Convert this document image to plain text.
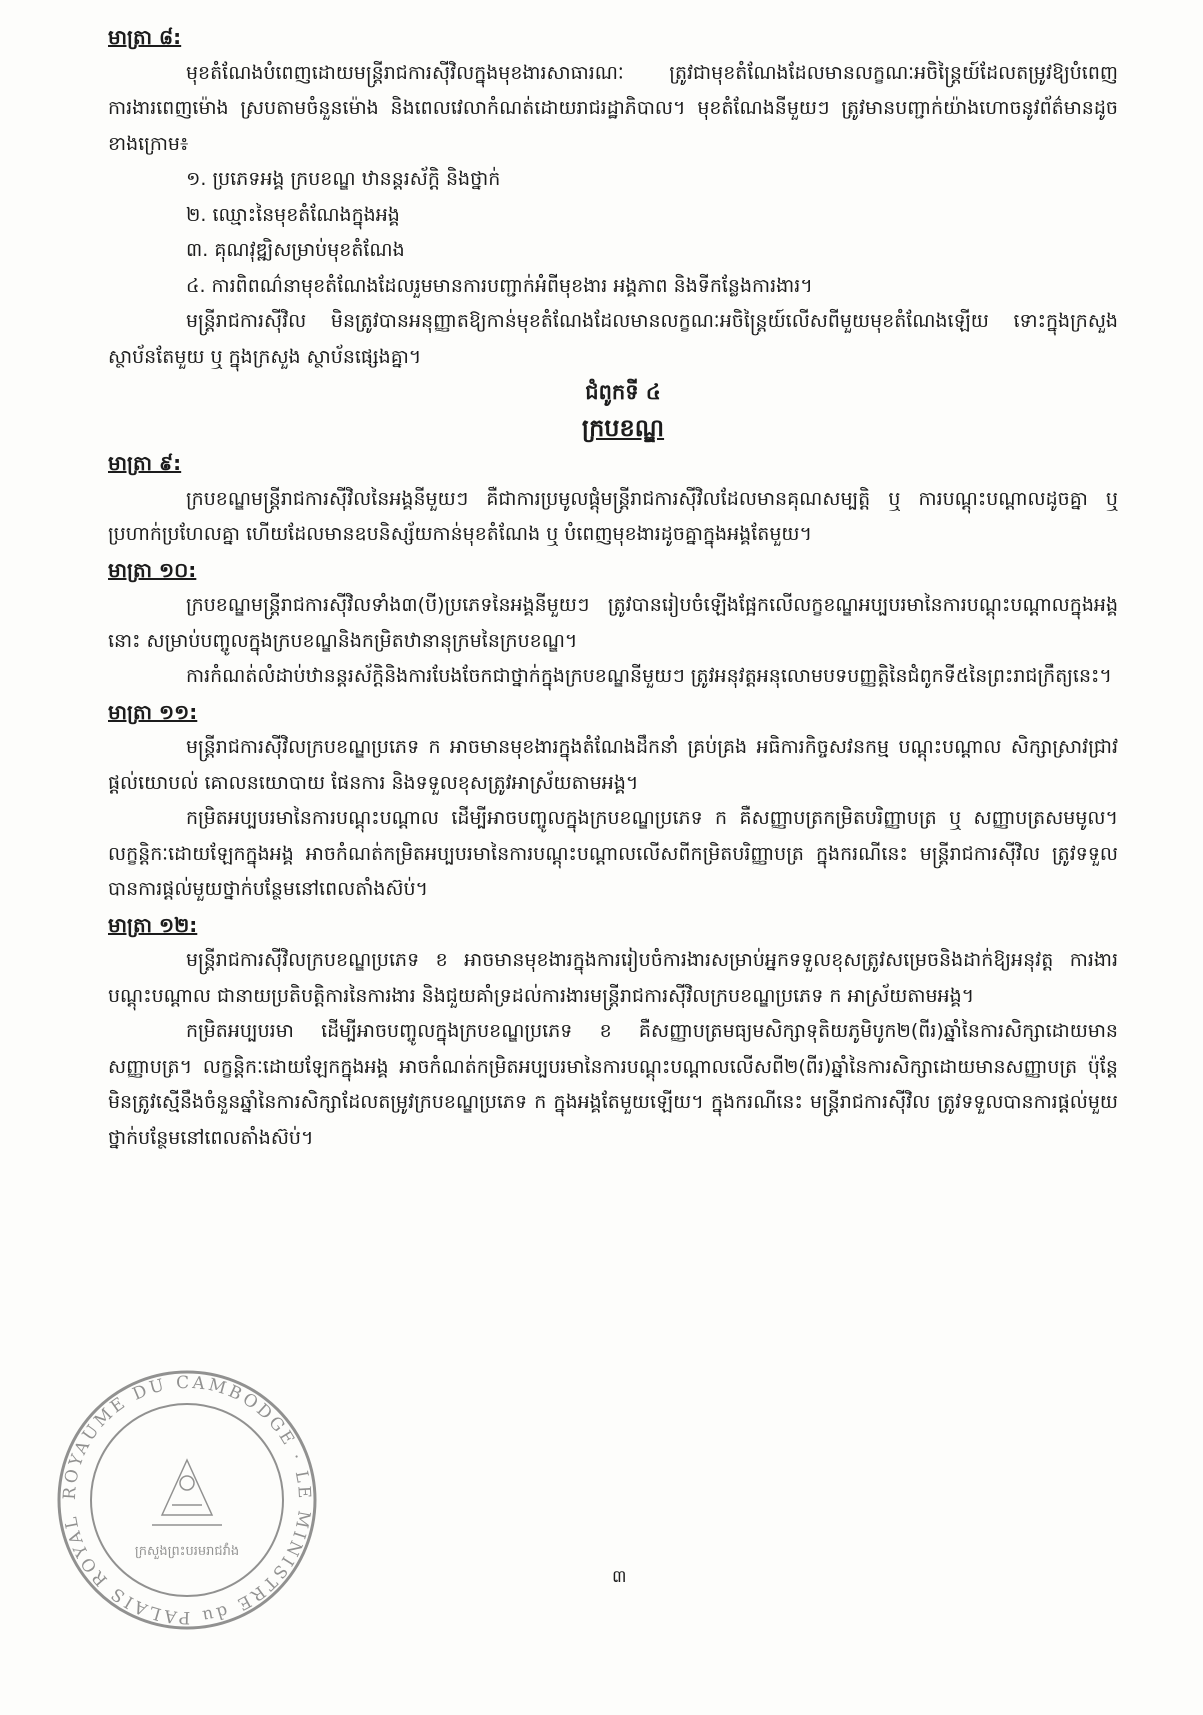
មាត្រា ៨:

មុខតំណែងបំពេញដោយមន្ត្រីរាជការស៊ីវិលក្នុងមុខងារសាធារណៈ ត្រូវជាមុខតំណែងដែលមានលក្ខណៈអចិន្ត្រៃយ៍ដែលតម្រូវឱ្យបំពេញការងារពេញម៉ោង ស្របតាមចំនួនម៉ោង និងពេលវេលាកំណត់ដោយរាជរដ្ឋាភិបាល។ មុខតំណែងនីមួយៗ ត្រូវមានបញ្ជាក់យ៉ាងហោចនូវព័ត៌មានដូចខាងក្រោម៖

១. ប្រភេទអង្គ ក្របខណ្ឌ ឋានន្តរស័ក្តិ និងថ្នាក់

២. ឈ្មោះនៃមុខតំណែងក្នុងអង្គ

៣. គុណវុឌ្ឍិសម្រាប់មុខតំណែង

៤. ការពិពណ៌នាមុខតំណែងដែលរួមមានការបញ្ជាក់អំពីមុខងារ អង្គភាព និងទីកន្លែងការងារ។

មន្ត្រីរាជការស៊ីវិល មិនត្រូវបានអនុញ្ញាតឱ្យកាន់មុខតំណែងដែលមានលក្ខណៈអចិន្ត្រៃយ៍លើសពីមួយមុខតំណែងឡើយ ទោះក្នុងក្រសួង ស្ថាប័នតែមួយ ឬ ក្នុងក្រសួង ស្ថាប័នផ្សេងគ្នា។

ជំពូកទី ៤

ក្របខណ្ឌ

មាត្រា ៩:

ក្របខណ្ឌមន្ត្រីរាជការស៊ីវិលនៃអង្គនីមួយៗ គឺជាការប្រមូលផ្តុំមន្ត្រីរាជការស៊ីវិលដែលមានគុណសម្បត្តិ ឬ ការបណ្តុះបណ្តាលដូចគ្នា ឬ ប្រហាក់ប្រហែលគ្នា ហើយដែលមានឧបនិស្ស័យកាន់មុខតំណែង ឬ បំពេញមុខងារដូចគ្នាក្នុងអង្គតែមួយ។

មាត្រា ១០:

ក្របខណ្ឌមន្ត្រីរាជការស៊ីវិលទាំង៣(បី)ប្រភេទនៃអង្គនីមួយៗ ត្រូវបានរៀបចំឡើងផ្អែកលើលក្ខខណ្ឌអប្បបរមានៃការបណ្តុះបណ្តាលក្នុងអង្គនោះ សម្រាប់បញ្ចូលក្នុងក្របខណ្ឌនិងកម្រិតឋានានុក្រមនៃក្របខណ្ឌ។

ការកំណត់លំដាប់ឋានន្តរស័ក្តិនិងការបែងចែកជាថ្នាក់ក្នុងក្របខណ្ឌនីមួយៗ ត្រូវអនុវត្តអនុលោមបទបញ្ញត្តិនៃជំពូកទី៥នៃព្រះរាជក្រឹត្យនេះ។

មាត្រា ១១:

មន្ត្រីរាជការស៊ីវិលក្របខណ្ឌប្រភេទ ក អាចមានមុខងារក្នុងតំណែងដឹកនាំ គ្រប់គ្រង អធិការកិច្ចសវនកម្ម បណ្តុះបណ្តាល សិក្សាស្រាវជ្រាវ ផ្តល់យោបល់ គោលនយោបាយ ផែនការ និងទទួលខុសត្រូវអាស្រ័យតាមអង្គ។

កម្រិតអប្បបរមានៃការបណ្តុះបណ្តាល ដើម្បីអាចបញ្ចូលក្នុងក្របខណ្ឌប្រភេទ ក គឺសញ្ញាបត្រកម្រិតបរិញ្ញាបត្រ ឬ សញ្ញាបត្រសមមូល។ លក្ខន្តិកៈដោយឡែកក្នុងអង្គ អាចកំណត់កម្រិតអប្បបរមានៃការបណ្តុះបណ្តាលលើសពីកម្រិតបរិញ្ញាបត្រ ក្នុងករណីនេះ មន្ត្រីរាជការស៊ីវិល ត្រូវទទួលបានការផ្តល់មួយថ្នាក់បន្ថែមនៅពេលតាំងស៊ប់។

មាត្រា ១២:

មន្ត្រីរាជការស៊ីវិលក្របខណ្ឌប្រភេទ ខ អាចមានមុខងារក្នុងការរៀបចំការងារសម្រាប់អ្នកទទួលខុសត្រូវសម្រេចនិងដាក់ឱ្យអនុវត្ត ការងារបណ្តុះបណ្តាល ជានាយប្រតិបត្តិការនៃការងារ និងជួយគាំទ្រដល់ការងារមន្ត្រីរាជការស៊ីវិលក្របខណ្ឌប្រភេទ ក អាស្រ័យតាមអង្គ។

កម្រិតអប្បបរមា ដើម្បីអាចបញ្ចូលក្នុងក្របខណ្ឌប្រភេទ ខ គឺសញ្ញាបត្រមធ្យមសិក្សាទុតិយភូមិបូក២(ពីរ)ឆ្នាំនៃការសិក្សាដោយមានសញ្ញាបត្រ។ លក្ខន្តិកៈដោយឡែកក្នុងអង្គ អាចកំណត់កម្រិតអប្បបរមានៃការបណ្តុះបណ្តាលលើសពី២(ពីរ)ឆ្នាំនៃការសិក្សាដោយមានសញ្ញាបត្រ ប៉ុន្តែមិនត្រូវស្មើនឹងចំនួនឆ្នាំនៃការសិក្សាដែលតម្រូវក្របខណ្ឌប្រភេទ ក ក្នុងអង្គតែមួយឡើយ។ ក្នុងករណីនេះ មន្ត្រីរាជការស៊ីវិល ត្រូវទទួលបានការផ្តល់មួយថ្នាក់បន្ថែមនៅពេលតាំងស៊ប់។

៣
ROYAUME DU CAMBODGE · LE MINISTRE du PALAIS ROYAL
ក្រសួងព្រះបរមរាជវាំង
